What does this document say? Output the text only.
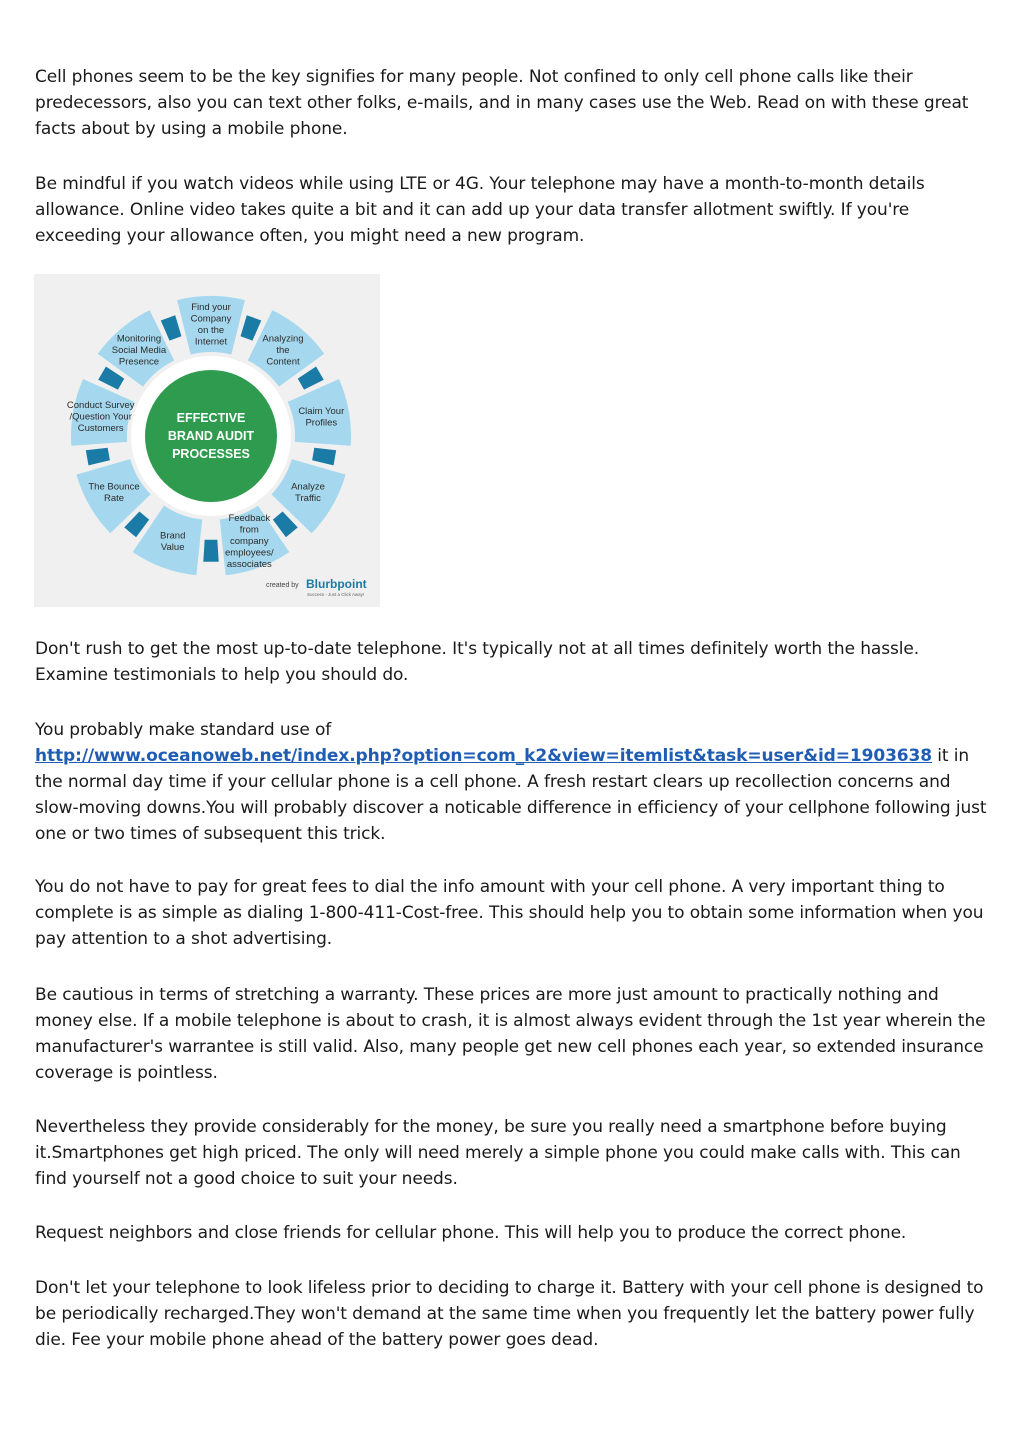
Cell phones seem to be the key signifies for many people. Not confined to only cell phone calls like their predecessors, also you can text other folks, e-mails, and in many cases use the Web. Read on with these great facts about by using a mobile phone.

Be mindful if you watch videos while using LTE or 4G. Your telephone may have a month-to-month details allowance. Online video takes quite a bit and it can add up your data transfer allotment swiftly. If you're exceeding your allowance often, you might need a new program.

Don't rush to get the most up-to-date telephone. It's typically not at all times definitely worth the hassle. Examine testimonials to help you should do.

You probably make standard use of
http://www.oceanoweb.net/index.php?option=com_k2&view=itemlist&task=user&id=1903638 it in the normal day time if your cellular phone is a cell phone. A fresh restart clears up recollection concerns and slow-moving downs.You will probably discover a noticable difference in efficiency of your cellphone following just one or two times of subsequent this trick.

You do not have to pay for great fees to dial the info amount with your cell phone. A very important thing to complete is as simple as dialing 1-800-411-Cost-free. This should help you to obtain some information when you pay attention to a shot advertising.

Be cautious in terms of stretching a warranty. These prices are more just amount to practically nothing and money else. If a mobile telephone is about to crash, it is almost always evident through the 1st year wherein the manufacturer's warrantee is still valid. Also, many people get new cell phones each year, so extended insurance coverage is pointless.

Nevertheless they provide considerably for the money, be sure you really need a smartphone before buying it.Smartphones get high priced. The only will need merely a simple phone you could make calls with. This can find yourself not a good choice to suit your needs.

Request neighbors and close friends for cellular phone. This will help you to produce the correct phone.

Don't let your telephone to look lifeless prior to deciding to charge it. Battery with your cell phone is designed to be periodically recharged.They won't demand at the same time when you frequently let the battery power fully die. Fee your mobile phone ahead of the battery power goes dead.

Find your Company on the Internet	Analyzing the Content
Claim Your Profiles
Analyze Traffic
Feedback from company employees/ associates
Brand Value
The Bounce Rate
Conduct Survey /Question Your Customers
Monitoring Social Media Presence
EFFECTIVE BRAND AUDIT PROCESSES
created by Blurbpoint
Success - Just a Click Away!
